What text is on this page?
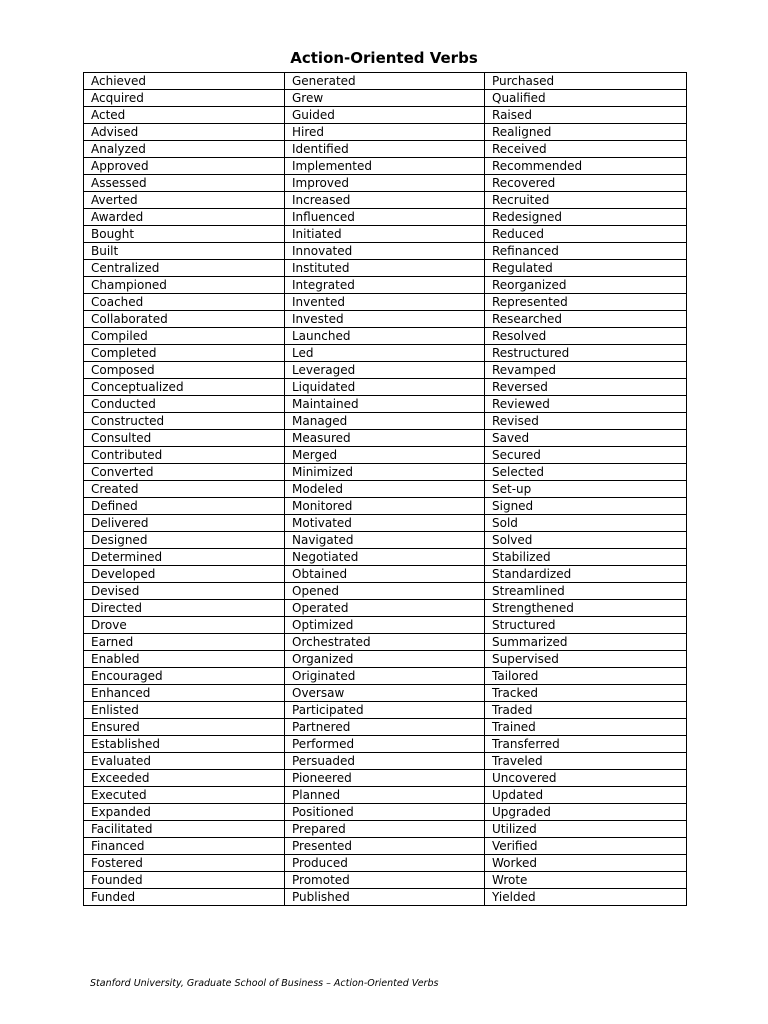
Action-Oriented Verbs
Achieved	Generated	Purchased
Acquired	Grew	Qualified
Acted	Guided	Raised
Advised	Hired	Realigned
Analyzed	Identified	Received
Approved	Implemented	Recommended
Assessed	Improved	Recovered
Averted	Increased	Recruited
Awarded	Influenced	Redesigned
Bought	Initiated	Reduced
Built	Innovated	Refinanced
Centralized	Instituted	Regulated
Championed	Integrated	Reorganized
Coached	Invented	Represented
Collaborated	Invested	Researched
Compiled	Launched	Resolved
Completed	Led	Restructured
Composed	Leveraged	Revamped
Conceptualized	Liquidated	Reversed
Conducted	Maintained	Reviewed
Constructed	Managed	Revised
Consulted	Measured	Saved
Contributed	Merged	Secured
Converted	Minimized	Selected
Created	Modeled	Set-up
Defined	Monitored	Signed
Delivered	Motivated	Sold
Designed	Navigated	Solved
Determined	Negotiated	Stabilized
Developed	Obtained	Standardized
Devised	Opened	Streamlined
Directed	Operated	Strengthened
Drove	Optimized	Structured
Earned	Orchestrated	Summarized
Enabled	Organized	Supervised
Encouraged	Originated	Tailored
Enhanced	Oversaw	Tracked
Enlisted	Participated	Traded
Ensured	Partnered	Trained
Established	Performed	Transferred
Evaluated	Persuaded	Traveled
Exceeded	Pioneered	Uncovered
Executed	Planned	Updated
Expanded	Positioned	Upgraded
Facilitated	Prepared	Utilized
Financed	Presented	Verified
Fostered	Produced	Worked
Founded	Promoted	Wrote
Funded	Published	Yielded
Stanford University, Graduate School of Business – Action-Oriented Verbs
